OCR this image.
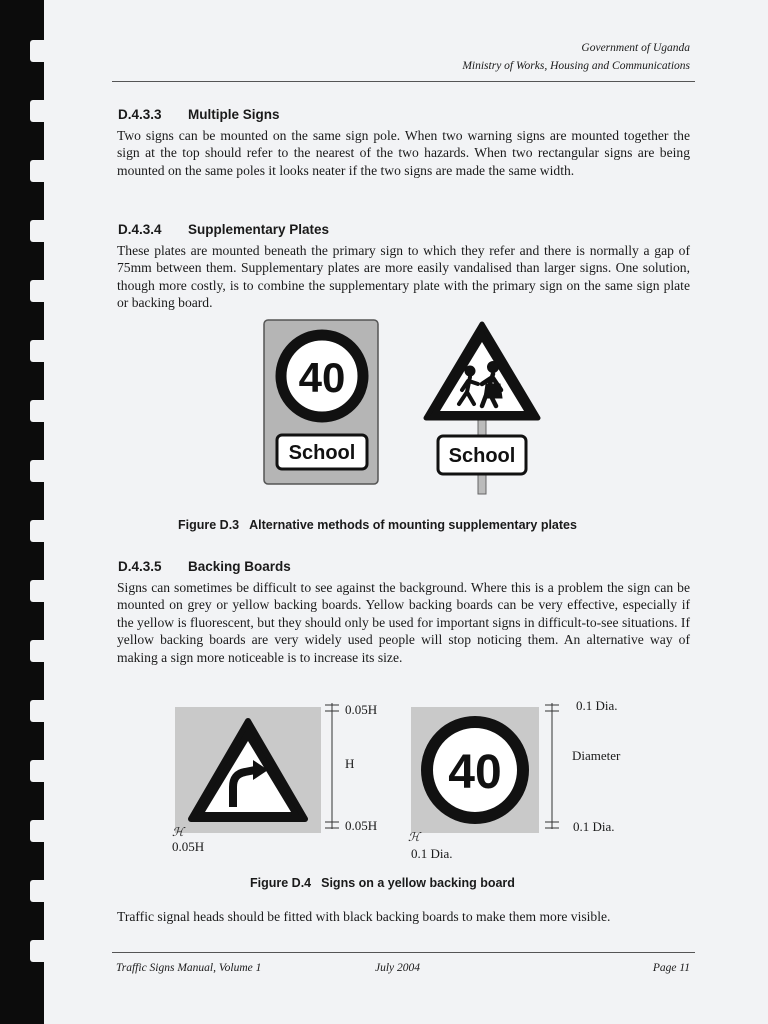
Government of Uganda
Ministry of Works, Housing and Communications
D.4.3.3 Multiple Signs

Two signs can be mounted on the same sign pole. When two warning signs are mounted together the sign at the top should refer to the nearest of the two hazards. When two rectangular signs are being mounted on the same poles it looks neater if the two signs are made the same width.

D.4.3.4 Supplementary Plates

These plates are mounted beneath the primary sign to which they refer and there is normally a gap of 75mm between them. Supplementary plates are more easily vandalised than larger signs. One solution, though more costly, is to combine the supplementary plate with the primary sign on the same sign plate or backing board.

40
School	School
Figure D.3 Alternative methods of mounting supplementary plates
D.4.3.5 Backing Boards

Signs can sometimes be difficult to see against the background. Where this is a problem the sign can be mounted on grey or yellow backing boards. Yellow backing boards can be very effective, especially if the yellow is fluorescent, but they should only be used for important signs in difficult-to-see situations. If yellow backing boards are very widely used people will stop noticing them. An alternative way of making a sign more noticeable is to increase its size.

0.05H
H
0.05H
ℋ
0.05H
40
0.1 Dia.
Diameter
0.1 Dia.
ℋ
0.1 Dia.
Figure D.4 Signs on a yellow backing board

Traffic signal heads should be fitted with black backing boards to make them more visible.

Traffic Signs Manual, Volume 1	July 2004	Page 11
